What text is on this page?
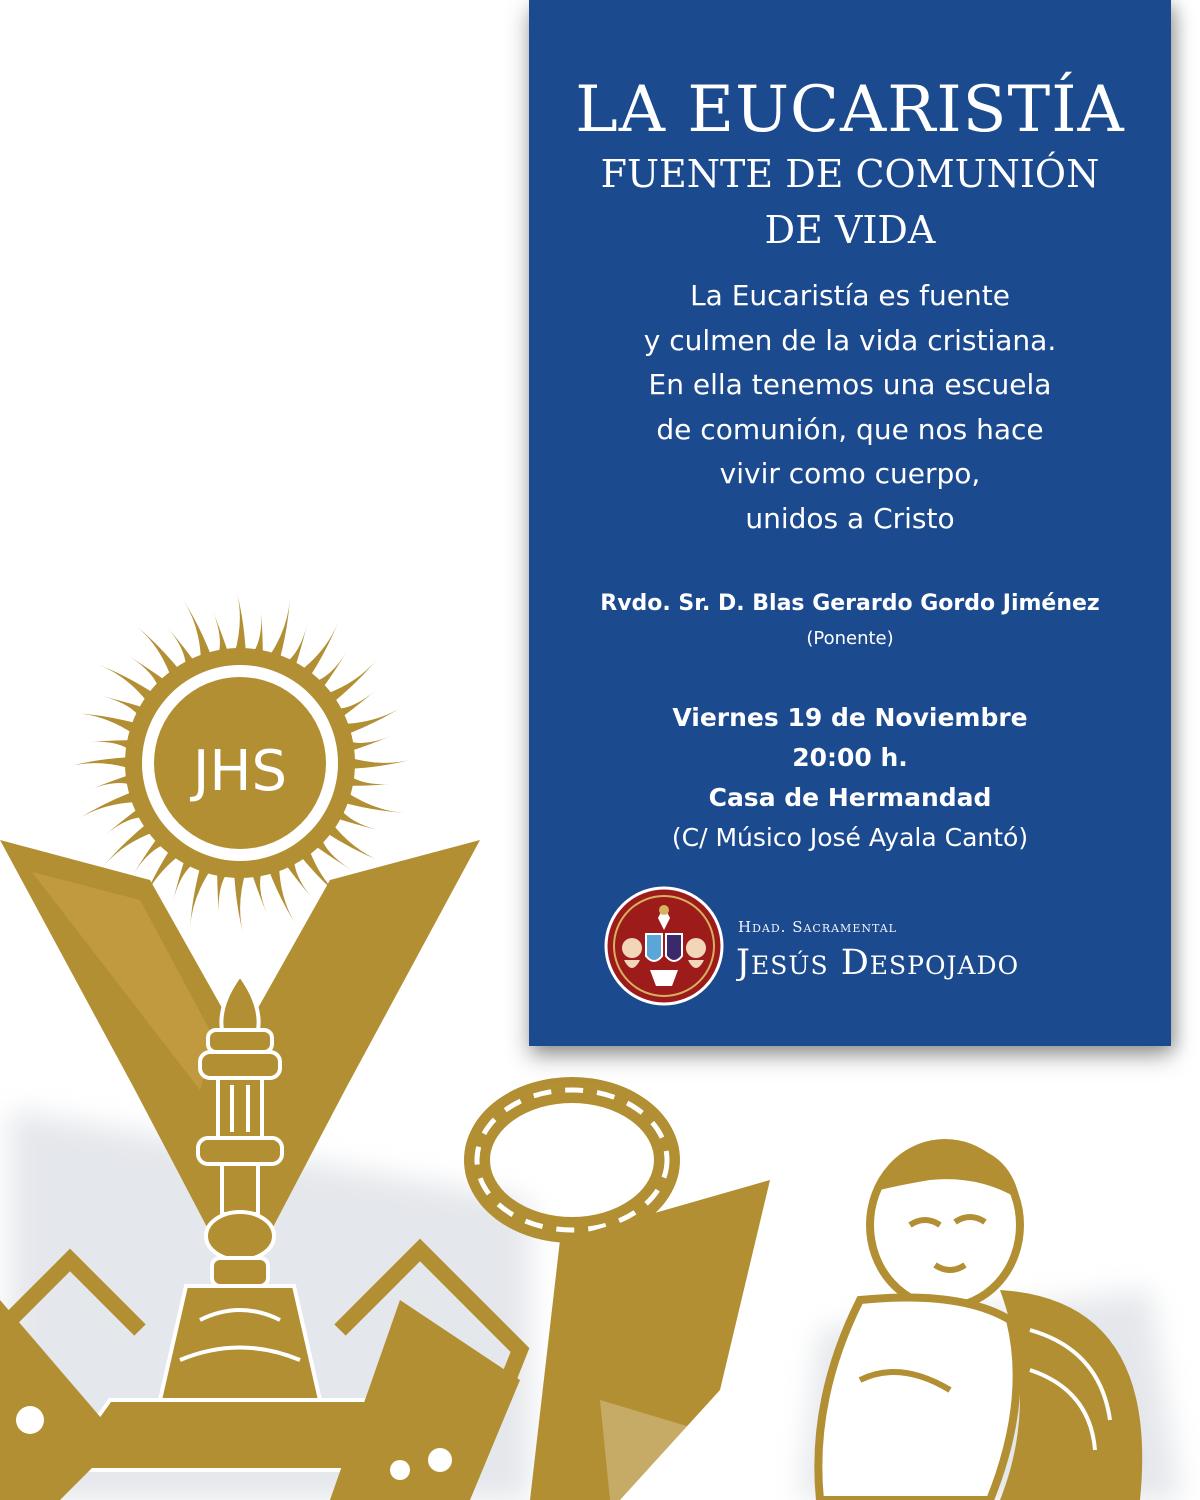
JHS
LA EUCARISTÍA
FUENTE DE COMUNIÓN
DE VIDA
La Eucaristía es fuente
y culmen de la vida cristiana.
En ella tenemos una escuela
de comunión, que nos hace
vivir como cuerpo,
unidos a Cristo
Rvdo. Sr. D. Blas Gerardo Gordo Jiménez
(Ponente)
Viernes 19 de Noviembre
20:00 h.
Casa de Hermandad
(C/ Músico José Ayala Cantó)
Hdad. Sacramental
Jesús Despojado
